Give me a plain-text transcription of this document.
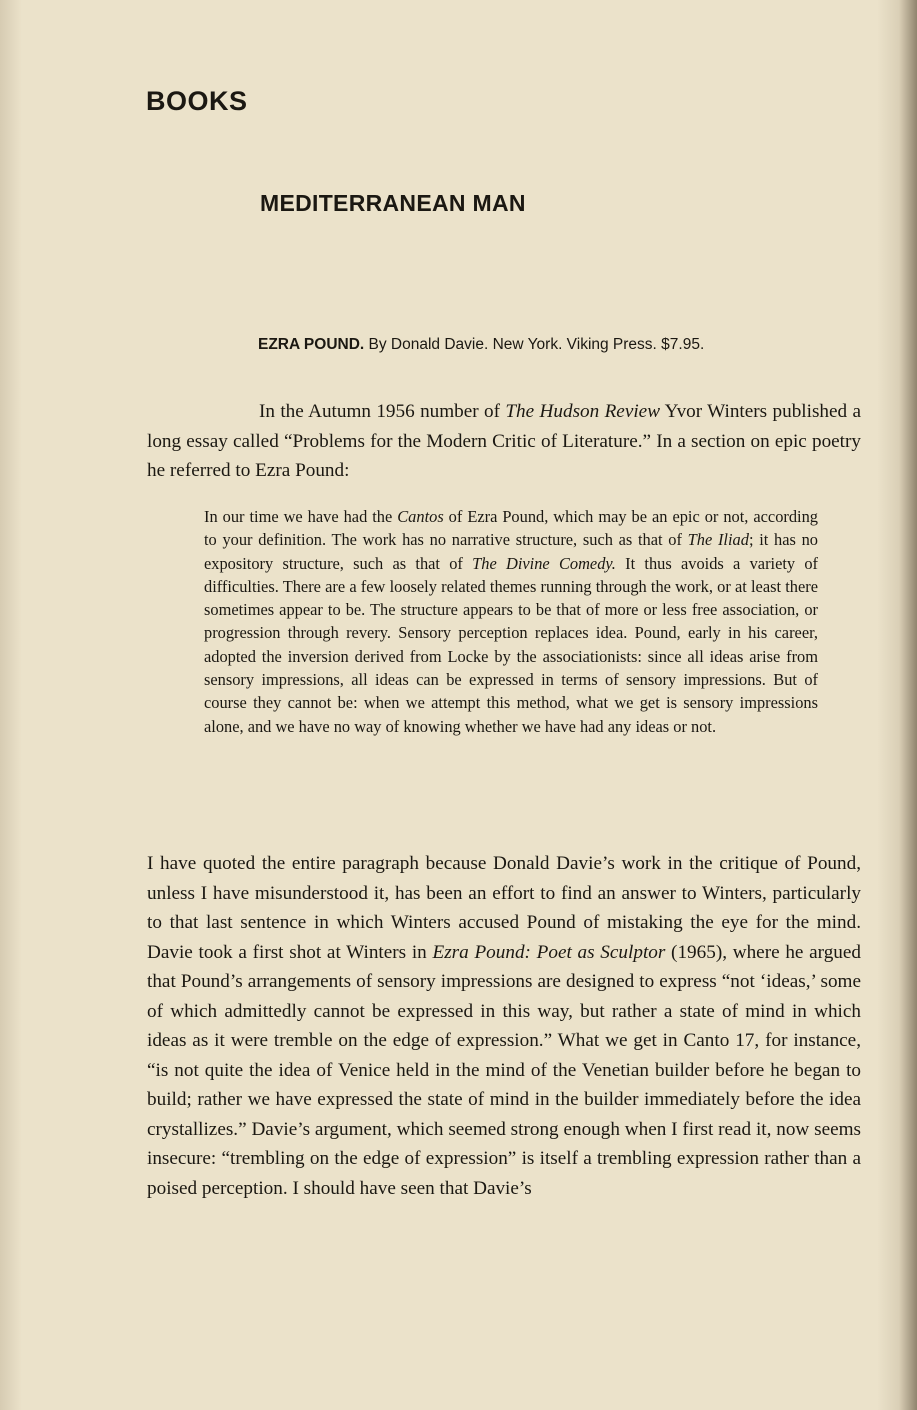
BOOKS
MEDITERRANEAN MAN
EZRA POUND. By Donald Davie. New York. Viking Press. $7.95.

In the Autumn 1956 number of The Hudson Review Yvor Winters published a long essay called “Problems for the Modern Critic of Literature.” In a section on epic poetry he referred to Ezra Pound:

In our time we have had the Cantos of Ezra Pound, which may be an epic or not, according to your definition. The work has no narrative structure, such as that of The Iliad; it has no expository structure, such as that of The Divine Comedy. It thus avoids a variety of difficulties. There are a few loosely related themes running through the work, or at least there sometimes appear to be. The structure appears to be that of more or less free association, or progression through revery. Sensory perception replaces idea. Pound, early in his career, adopted the inversion derived from Locke by the associationists: since all ideas arise from sensory impressions, all ideas can be expressed in terms of sensory impressions. But of course they cannot be: when we attempt this method, what we get is sensory impressions alone, and we have no way of knowing whether we have had any ideas or not.

I have quoted the entire paragraph because Donald Davie’s work in the critique of Pound, unless I have misunderstood it, has been an effort to find an answer to Winters, particularly to that last sentence in which Winters accused Pound of mistaking the eye for the mind. Davie took a first shot at Winters in Ezra Pound: Poet as Sculptor (1965), where he argued that Pound’s arrangements of sensory impressions are designed to express “not ‘ideas,’ some of which admittedly cannot be expressed in this way, but rather a state of mind in which ideas as it were tremble on the edge of expression.” What we get in Canto 17, for instance, “is not quite the idea of Venice held in the mind of the Venetian builder before he began to build; rather we have expressed the state of mind in the builder immediately before the idea crystallizes.” Davie’s argument, which seemed strong enough when I first read it, now seems insecure: “trembling on the edge of expression” is itself a trembling expression rather than a poised perception. I should have seen that Davie’s
